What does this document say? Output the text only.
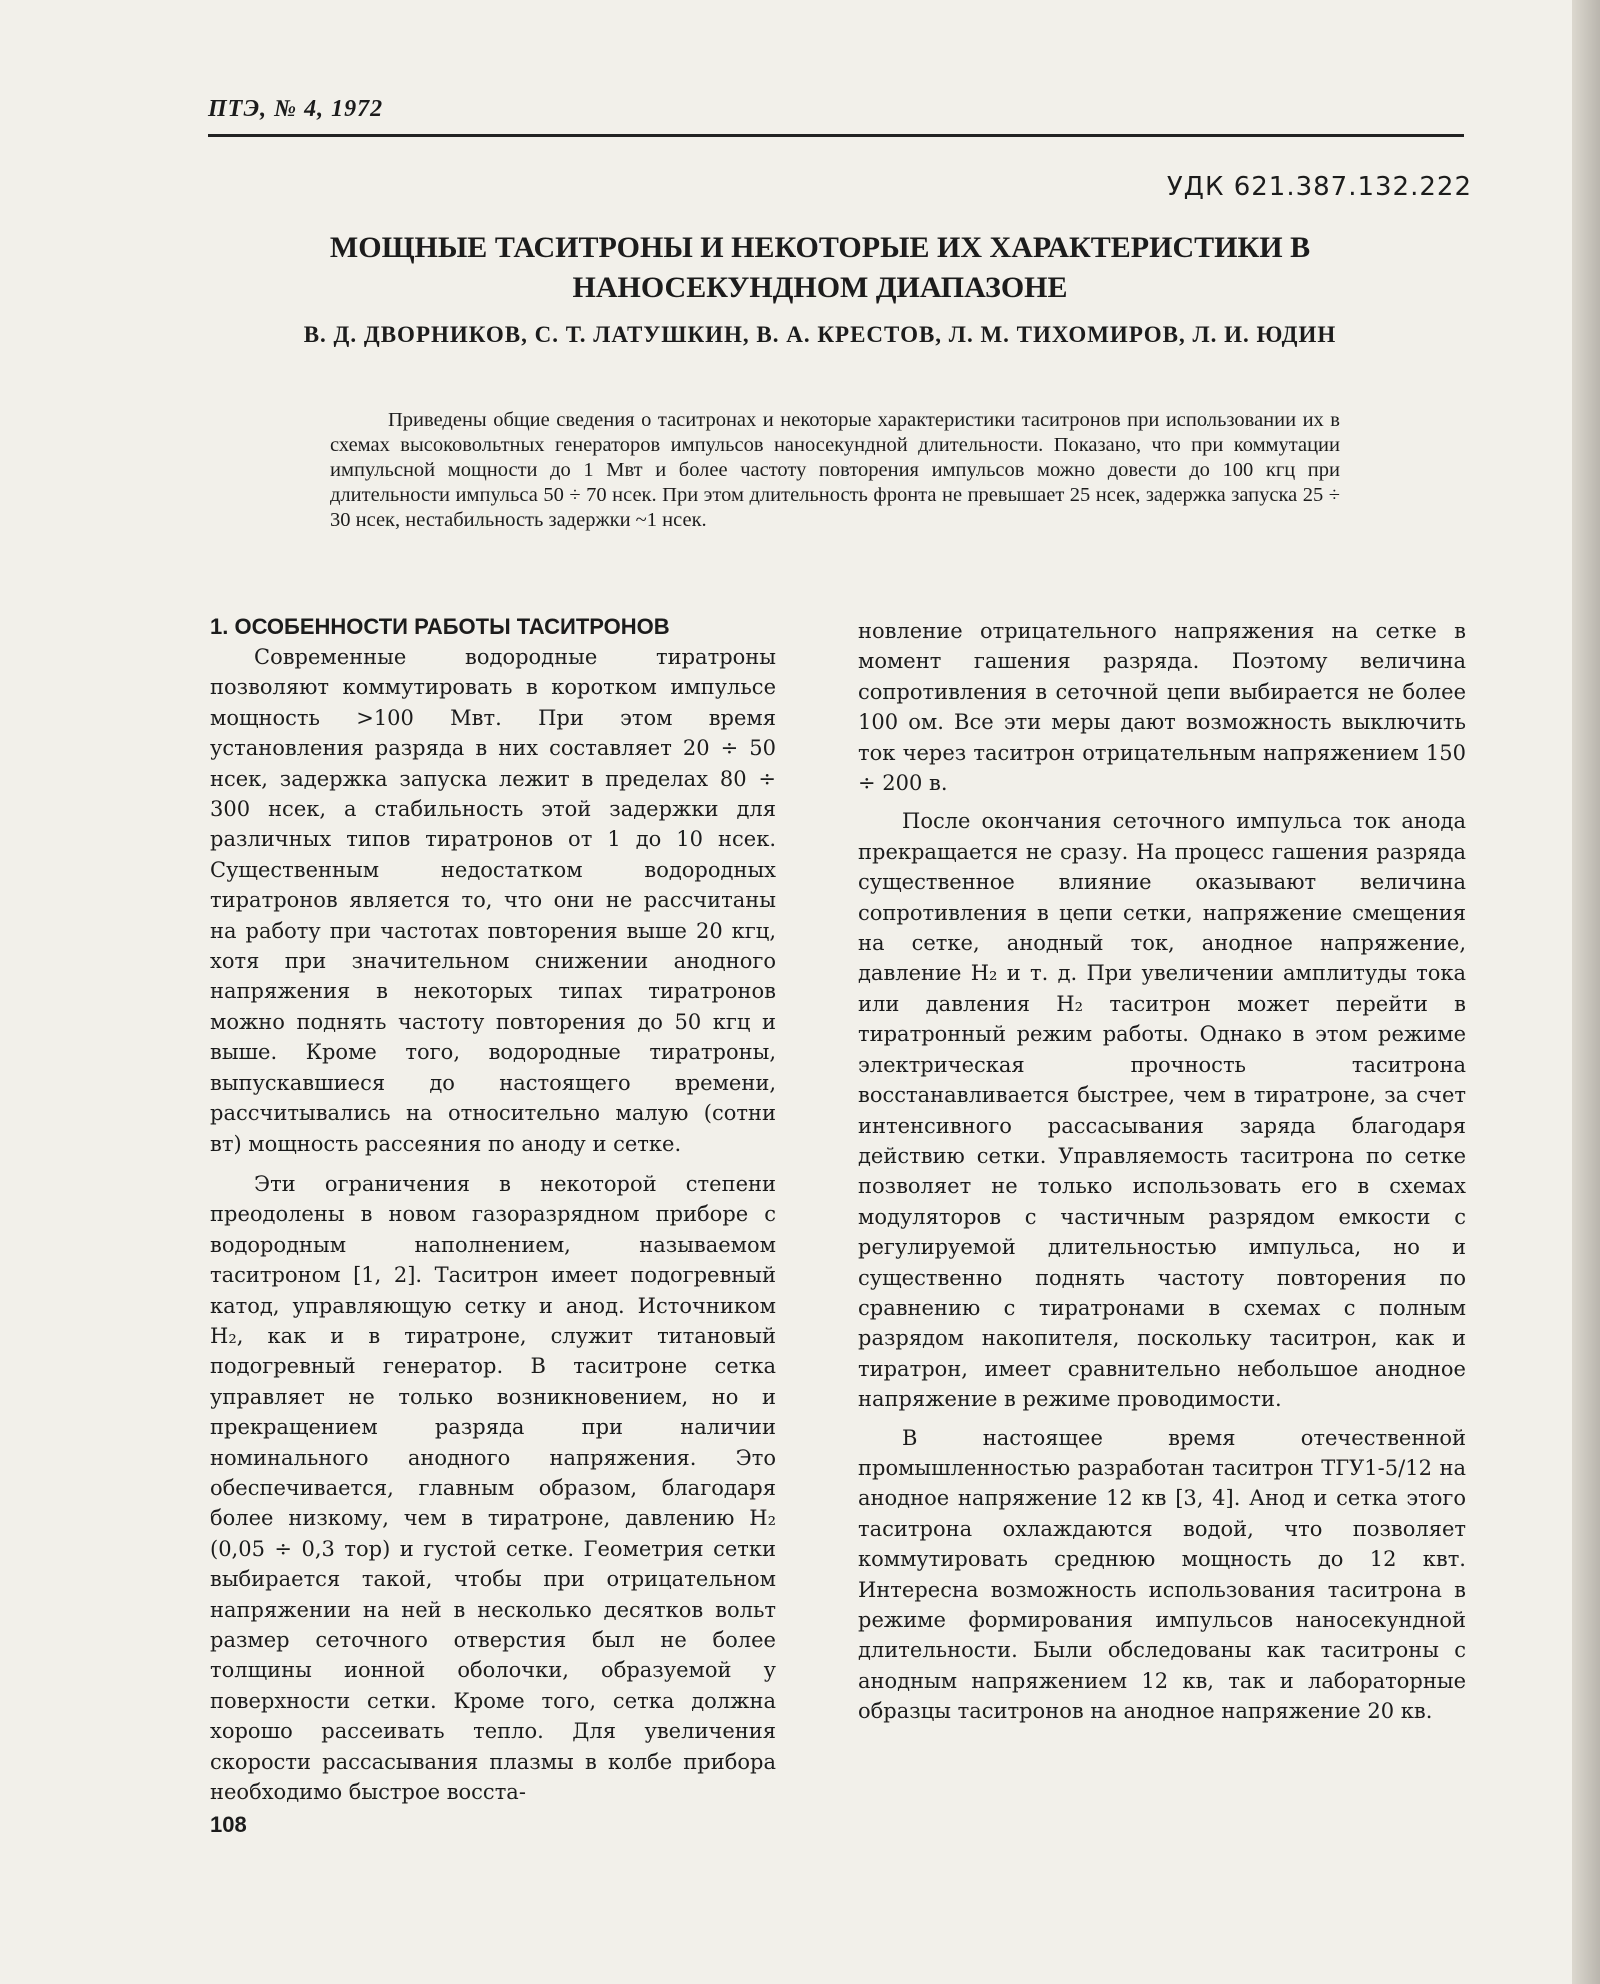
ПТЭ, № 4, 1972
УДК 621.387.132.222
МОЩНЫЕ ТАСИТРОНЫ И НЕКОТОРЫЕ ИХ ХАРАКТЕРИСТИКИ В НАНОСЕКУНДНОМ ДИАПАЗОНЕ

В. Д. ДВОРНИКОВ, С. Т. ЛАТУШКИН, В. А. КРЕСТОВ, Л. М. ТИХОМИРОВ, Л. И. ЮДИН

Приведены общие сведения о таситронах и некоторые характеристики таситронов при использовании их в схемах высоковольтных генераторов импульсов наносекундной длительности. Показано, что при коммутации импульсной мощности до 1 Мвт и более частоту повторения импульсов можно довести до 100 кгц при длительности импульса 50 ÷ 70 нсек. При этом длительность фронта не превышает 25 нсек, задержка запуска 25 ÷ 30 нсек, нестабильность задержки ~1 нсек.

1. ОСОБЕННОСТИ РАБОТЫ ТАСИТРОНОВ

Современные водородные тиратроны позволяют коммутировать в коротком импульсе мощность >100 Мвт. При этом время установления разряда в них составляет 20 ÷ 50 нсек, задержка запуска лежит в пределах 80 ÷ 300 нсек, а стабильность этой задержки для различных типов тиратронов от 1 до 10 нсек. Существенным недостатком водородных тиратронов является то, что они не рассчитаны на работу при частотах повторения выше 20 кгц, хотя при значительном снижении анодного напряжения в некоторых типах тиратронов можно поднять частоту повторения до 50 кгц и выше. Кроме того, водородные тиратроны, выпускавшиеся до настоящего времени, рассчитывались на относительно малую (сотни вт) мощность рассеяния по аноду и сетке.

Эти ограничения в некоторой степени преодолены в новом газоразрядном приборе с водородным наполнением, называемом таситроном [1, 2]. Таситрон имеет подогревный катод, управляющую сетку и анод. Источником H₂, как и в тиратроне, служит титановый подогревный генератор. В таситроне сетка управляет не только возникновением, но и прекращением разряда при наличии номинального анодного напряжения. Это обеспечивается, главным образом, благодаря более низкому, чем в тиратроне, давлению H₂ (0,05 ÷ 0,3 тор) и густой сетке. Геометрия сетки выбирается такой, чтобы при отрицательном напряжении на ней в несколько десятков вольт размер сеточного отверстия был не более толщины ионной оболочки, образуемой у поверхности сетки. Кроме того, сетка должна хорошо рассеивать тепло. Для увеличения скорости рассасывания плазмы в колбе прибора необходимо быстрое восста-

новление отрицательного напряжения на сетке в момент гашения разряда. Поэтому величина сопротивления в сеточной цепи выбирается не более 100 ом. Все эти меры дают возможность выключить ток через таситрон отрицательным напряжением 150 ÷ 200 в.

После окончания сеточного импульса ток анода прекращается не сразу. На процесс гашения разряда существенное влияние оказывают величина сопротивления в цепи сетки, напряжение смещения на сетке, анодный ток, анодное напряжение, давление H₂ и т. д. При увеличении амплитуды тока или давления H₂ таситрон может перейти в тиратронный режим работы. Однако в этом режиме электрическая прочность таситрона восстанавливается быстрее, чем в тиратроне, за счет интенсивного рассасывания заряда благодаря действию сетки. Управляемость таситрона по сетке позволяет не только использовать его в схемах модуляторов с частичным разрядом емкости с регулируемой длительностью импульса, но и существенно поднять частоту повторения по сравнению с тиратронами в схемах с полным разрядом накопителя, поскольку таситрон, как и тиратрон, имеет сравнительно небольшое анодное напряжение в режиме проводимости.

В настоящее время отечественной промышленностью разработан таситрон ТГУ1-5/12 на анодное напряжение 12 кв [3, 4]. Анод и сетка этого таситрона охлаждаются водой, что позволяет коммутировать среднюю мощность до 12 квт. Интересна возможность использования таситрона в режиме формирования импульсов наносекундной длительности. Были обследованы как таситроны с анодным напряжением 12 кв, так и лабораторные образцы таситронов на анодное напряжение 20 кв.

108
